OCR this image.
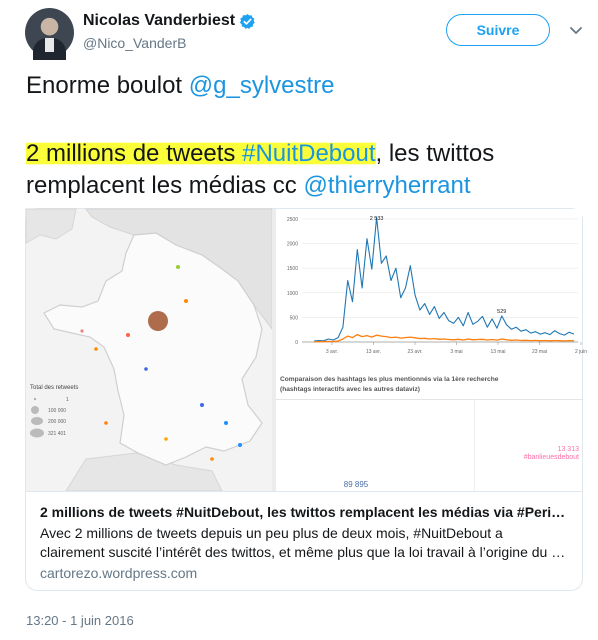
Nicolas Vanderbiest
@Nico_VanderB
Suivre

Enorme boulot @g_sylvestre

2 millions de tweets #NuitDebout, les twittos

remplacent les médias cc @thierryherrant

Total des retweets
1
100 000
200 000
321 401
0
500
1000
1500
2000
2500
3 avr.	13 avr.	23 avr.	3 mai	13 mai	23 mai	2 juin
2 533
529
Comparaison des hashtags les plus mentionnés via la 1ère recherche
(hashtags interactifs avec les autres dataviz)
13 313
#banlieuesdebout
89 895
2 millions de tweets #NuitDebout, les twittos remplacent les médias via #Peri…

Avec 2 millions de tweets depuis un peu plus de deux mois, #NuitDebout a

clairement suscité l’intérêt des twittos, et même plus que la loi travail à l’origine du …

cartorezo.wordpress.com
13:20 - 1 juin 2016
